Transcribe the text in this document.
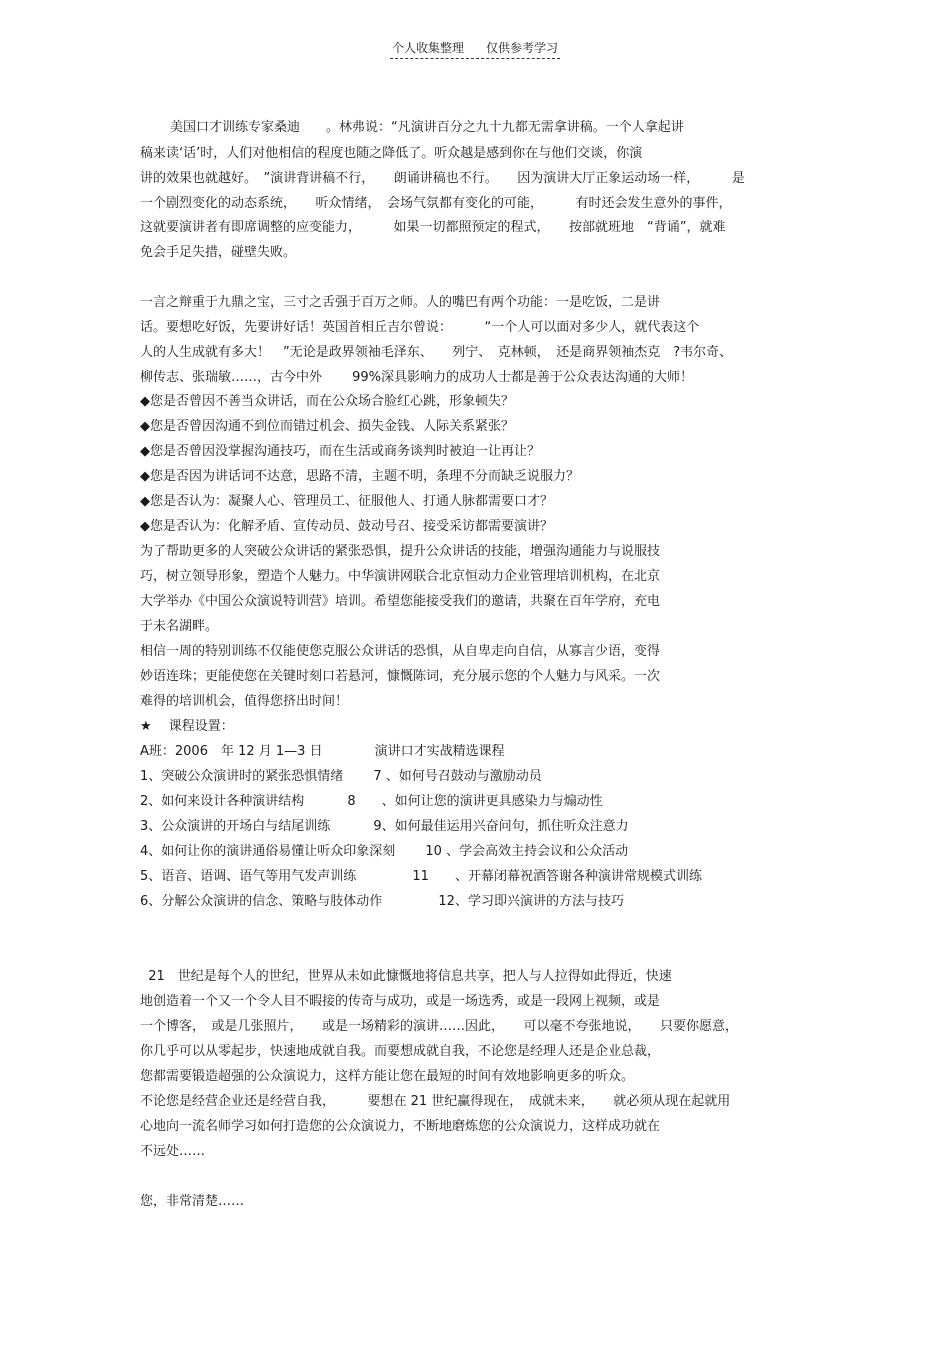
个人收集整理 仅供参考学习
美国口才训练专家桑迪　　。林弗说：“凡演讲百分之九十九都无需拿讲稿。一个人拿起讲
稿来读‘话’时，人们对他相信的程度也随之降低了。听众越是感到你在与他们交谈，你演
讲的效果也就越好。　”演讲背讲稿不行，　　朗诵讲稿也不行。　　因为演讲大厅正象运动场一样，　　　是
一个剧烈变化的动态系统，　　听众情绪，　会场气氛都有变化的可能，　　　有时还会发生意外的事件，
这就要演讲者有即席调整的应变能力，　　　如果一切都照预定的程式，　　按部就班地　“背诵”，就难
免会手足失措，碰壁失败。
一言之辩重于九鼎之宝，三寸之舌强于百万之师。人的嘴巴有两个功能：一是吃饭，二是讲
话。要想吃好饭，先要讲好话！英国首相丘吉尔曾说：　　　“一个人可以面对多少人，就代表这个
人的人生成就有多大！　”无论是政界领袖毛泽东、　　列宁、　克林顿，　还是商界领袖杰克　?韦尔奇、
柳传志、张瑞敏……，古今中外　　 99%深具影响力的成功人士都是善于公众表达沟通的大师！
◆您是否曾因不善当众讲话，而在公众场合脸红心跳，形象顿失？
◆您是否曾因沟通不到位而错过机会、损失金钱、人际关系紧张？
◆您是否曾因没掌握沟通技巧，而在生活或商务谈判时被迫一让再让？
◆您是否因为讲话词不达意，思路不清，主题不明，条理不分而缺乏说服力？
◆您是否认为：凝聚人心、管理员工、征服他人、打通人脉都需要口才？
◆您是否认为：化解矛盾、宣传动员、鼓动号召、接受采访都需要演讲？
为了帮助更多的人突破公众讲话的紧张恐惧，提升公众讲话的技能，增强沟通能力与说服技
巧，树立领导形象，塑造个人魅力。中华演讲网联合北京恒动力企业管理培训机构，在北京
大学举办《中国公众演说特训营》培训。希望您能接受我们的邀请，共聚在百年学府，充电
于未名湖畔。
相信一周的特别训练不仅能使您克服公众讲话的恐惧，从自卑走向自信，从寡言少语，变得
妙语连珠；更能使您在关键时刻口若悬河，慷慨陈词，充分展示您的个人魅力与风采。一次
难得的培训机会，值得您挤出时间！
★　 课程设置：
A班：2006　年 12 月 1—3 日　　　　演讲口才实战精选课程
1、突破公众演讲时的紧张恐惧情绪　　 7 、如何号召鼓动与激励动员
2、如何来设计各种演讲结构　　　 8　　、如何让您的演讲更具感染力与煽动性
3、公众演讲的开场白与结尾训练　　　 9、如何最佳运用兴奋问句，抓住听众注意力
4、如何让你的演讲通俗易懂让听众印象深刻　　 10 、学会高效主持会议和公众活动
5、语音、语调、语气等用气发声训练　　　　 11　　、开幕闭幕祝酒答谢各种演讲常规模式训练
6、分解公众演讲的信念、策略与肢体动作　　　　 12、学习即兴演讲的方法与技巧
21　世纪是每个人的世纪，世界从未如此慷慨地将信息共享，把人与人拉得如此得近，快速
地创造着一个又一个令人目不暇接的传奇与成功，或是一场选秀，或是一段网上视频，或是
一个博客，　或是几张照片，　　或是一场精彩的演讲……因此，　　可以毫不夸张地说，　　只要你愿意，
你几乎可以从零起步，快速地成就自我。而要想成就自我，不论您是经理人还是企业总裁，
您都需要锻造超强的公众演说力，这样方能让您在最短的时间有效地影响更多的听众。
不论您是经营企业还是经营自我，　　　要想在 21 世纪赢得现在，　成就未来，　　就必须从现在起就用
心地向一流名师学习如何打造您的公众演说力，不断地磨炼您的公众演说力，这样成功就在
不远处……
您，非常清楚……
